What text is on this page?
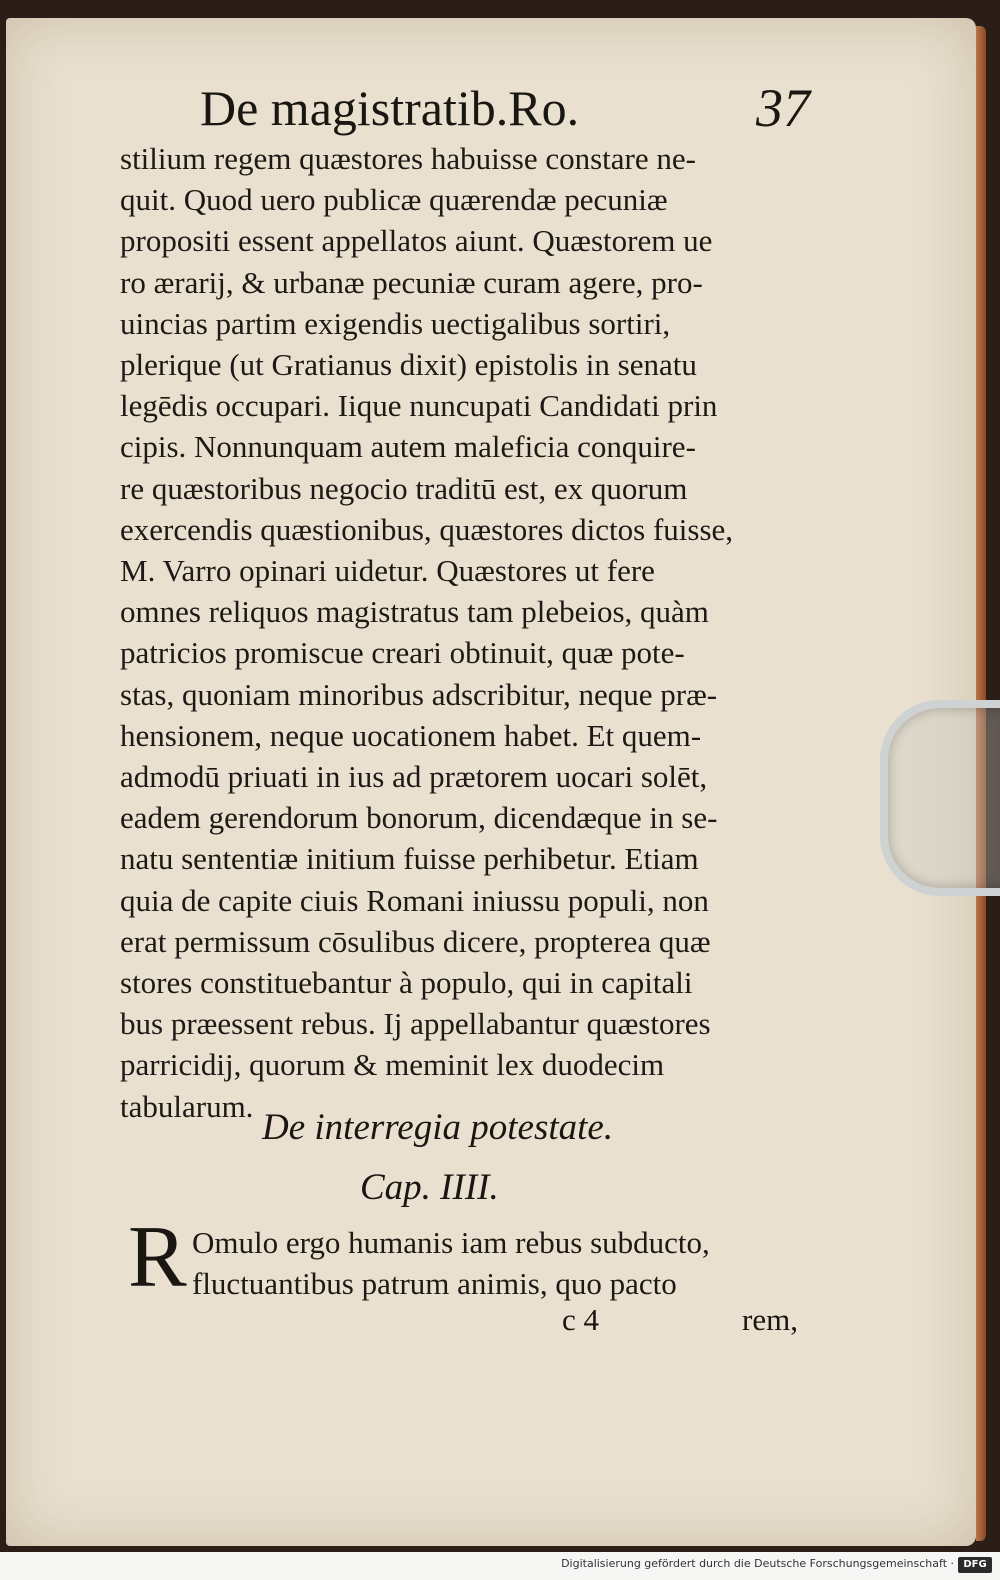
De magistratib.Ro.	37
stilium regem quæstores habuisse constare ne-
quit. Quod uero publicæ quærendæ pecuniæ
propositi essent appellatos aiunt. Quæstorem ue
ro ærarij, & urbanæ pecuniæ curam agere, pro-
uincias partim exigendis uectigalibus sortiri,
plerique (ut Gratianus dixit) epistolis in senatu
legēdis occupari. Iique nuncupati Candidati prin
cipis. Nonnunquam autem maleficia conquire-
re quæstoribus negocio traditū est, ex quorum
exercendis quæstionibus, quæstores dictos fuisse,
M. Varro opinari uidetur. Quæstores ut fere
omnes reliquos magistratus tam plebeios, quàm
patricios promiscue creari obtinuit, quæ pote-
stas, quoniam minoribus adscribitur, neque præ-
hensionem, neque uocationem habet. Et quem-
admodū priuati in ius ad prætorem uocari solēt,
eadem gerendorum bonorum, dicendæque in se-
natu sententiæ initium fuisse perhibetur. Etiam
quia de capite ciuis Romani iniussu populi, non
erat permissum cōsulibus dicere, propterea quæ
stores constituebantur à populo, qui in capitali
bus præessent rebus. Ij appellabantur quæstores
parricidij, quorum & meminit lex duodecim
tabularum.
De interregia potestate.
Cap. IIII.
R Omulo ergo humanis iam rebus subducto,
fluctuantibus patrum animis, quo pacto
c 4	rem,
Digitalisierung gefördert durch die Deutsche Forschungsgemeinschaft · DFG
